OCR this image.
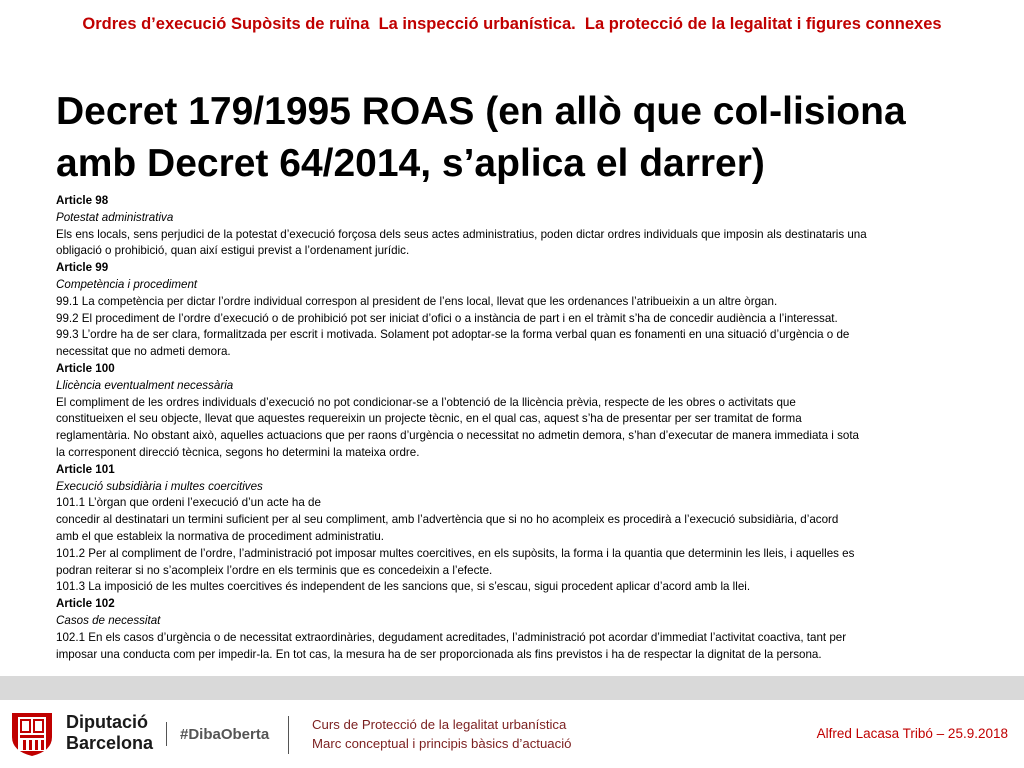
Ordres d’execució Supòsits de ruïna  La inspecció urbanística.  La protecció de la legalitat i figures connexes
Decret 179/1995 ROAS (en allò que col-lisiona
amb Decret 64/2014, s’aplica el darrer)
Article 98
Potestat administrativa
Els ens locals, sens perjudici de la potestat d’execució forçosa dels seus actes administratius, poden dictar ordres individuals que imposin als destinataris una
obligació o prohibició, quan així estigui previst a l’ordenament jurídic.
Article 99
Competència i procediment
99.1 La competència per dictar l’ordre individual correspon al president de l’ens local, llevat que les ordenances l’atribueixin a un altre òrgan.
99.2 El procediment de l’ordre d’execució o de prohibició pot ser iniciat d’ofici o a instància de part i en el tràmit s’ha de concedir audiència a l’interessat.
99.3 L’ordre ha de ser clara, formalitzada per escrit i motivada. Solament pot adoptar-se la forma verbal quan es fonamenti en una situació d’urgència o de
necessitat que no admeti demora.
Article 100
Llicència eventualment necessària
El compliment de les ordres individuals d’execució no pot condicionar-se a l’obtenció de la llicència prèvia, respecte de les obres o activitats que
constitueixen el seu objecte, llevat que aquestes requereixin un projecte tècnic, en el qual cas, aquest s’ha de presentar per ser tramitat de forma
reglamentària. No obstant això, aquelles actuacions que per raons d’urgència o necessitat no admetin demora, s’han d’executar de manera immediata i sota
la corresponent direcció tècnica, segons ho determini la mateixa ordre.
Article 101
Execució subsidiària i multes coercitives
101.1 L’òrgan que ordeni l’execució d’un acte ha de
concedir al destinatari un termini suficient per al seu compliment, amb l’advertència que si no ho acompleix es procedirà a l’execució subsidiària, d’acord
amb el que estableix la normativa de procediment administratiu.
101.2 Per al compliment de l’ordre, l’administració pot imposar multes coercitives, en els supòsits, la forma i la quantia que determinin les lleis, i aquelles es
podran reiterar si no s’acompleix l’ordre en els terminis que es concedeixin a l’efecte.
101.3 La imposició de les multes coercitives és independent de les sancions que, si s’escau, sigui procedent aplicar d’acord amb la llei.
Article 102
Casos de necessitat
102.1 En els casos d’urgència o de necessitat extraordinàries, degudament acreditades, l’administració pot acordar d’immediat l’activitat coactiva, tant per
imposar una conducta com per impedir-la. En tot cas, la mesura ha de ser proporcionada als fins previstos i ha de respectar la dignitat de la persona.
Diputació
Barcelona #DibaOberta
Curs de Protecció de la legalitat urbanística
Marc conceptual i principis bàsics d’actuació
Alfred Lacasa Tribó – 25.9.2018
